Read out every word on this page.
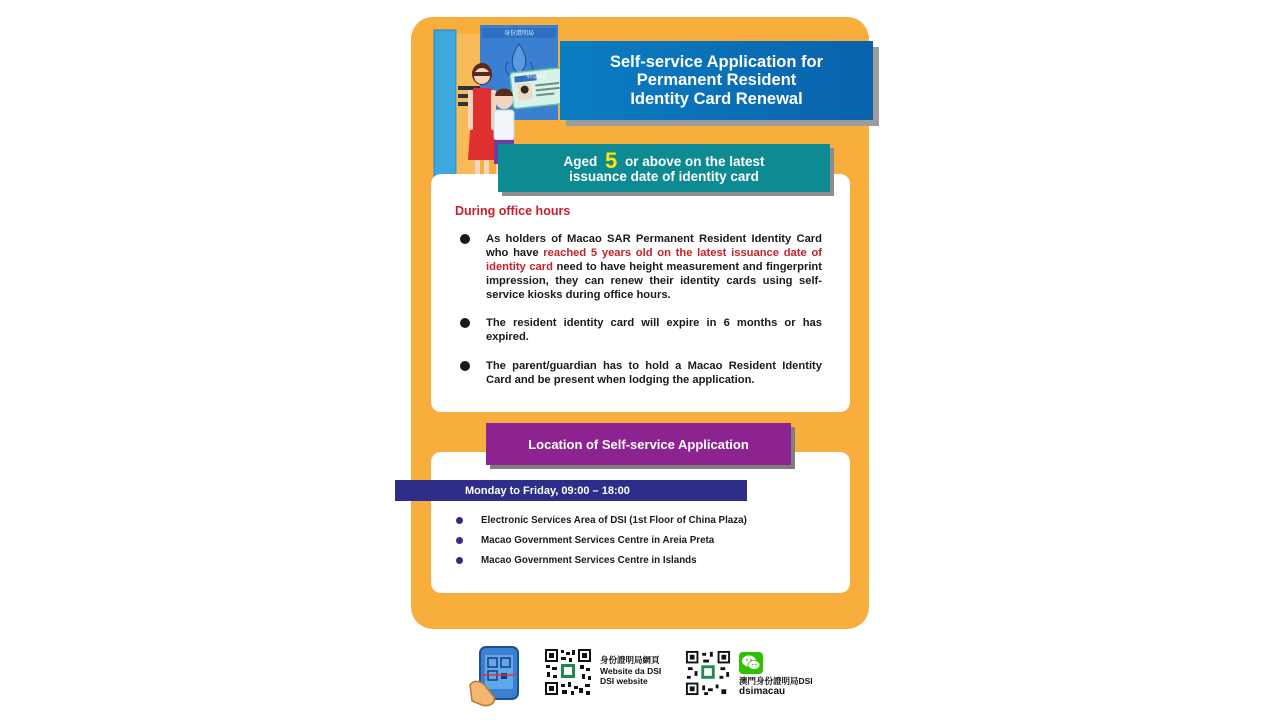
身份證明局
身份證明局
Self-service Application for
Permanent Resident
Identity Card Renewal
Aged 5 or above on the latest
issuance date of identity card
During office hours
As holders of Macao SAR Permanent Resident Identity Card who have reached 5 years old on the latest issuance date of identity card need to have height measurement and fingerprint impression, they can renew their identity cards using self-service kiosks during office hours.
The resident identity card will expire in 6 months or has expired.
The parent/guardian has to hold a Macao Resident Identity Card and be present when lodging the application.
Location of Self-service Application
Monday to Friday, 09:00 – 18:00
Electronic Services Area of DSI (1st Floor of China Plaza)
Macao Government Services Centre in Areia Preta
Macao Government Services Centre in Islands
身份證明局網頁
Website da DSI
DSI website	澳門身份證明局DSI
dsimacau
